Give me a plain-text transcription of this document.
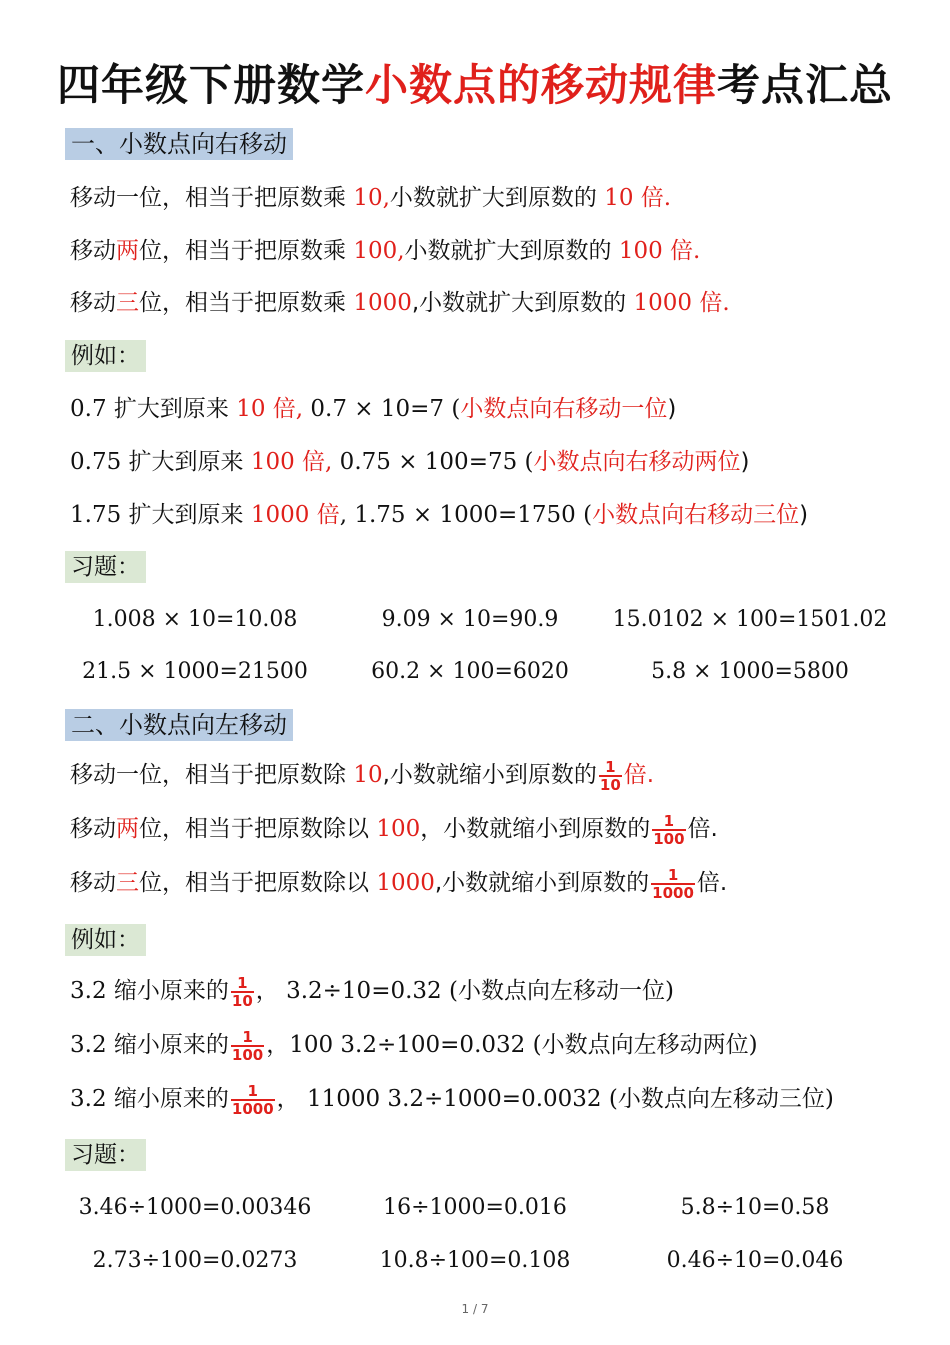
四年级下册数学小数点的移动规律考点汇总
一、小数点向右移动
移动一位，相当于把原数乘 10,小数就扩大到原数的 10 倍.
移动两位，相当于把原数乘 100,小数就扩大到原数的 100 倍.
移动三位，相当于把原数乘 1000,小数就扩大到原数的 1000 倍.
例如：
0.7 扩大到原来 10 倍, 0.7 × 10=7 (小数点向右移动一位)
0.75 扩大到原来 100 倍, 0.75 × 100=75 (小数点向右移动两位)
1.75 扩大到原来 1000 倍, 1.75 × 1000=1750 (小数点向右移动三位)
习题：
1.008 × 10=10.08	9.09 × 10=90.9	15.0102 × 100=1501.02
21.5 × 1000=21500	60.2 × 100=6020	5.8 × 1000=5800
二、小数点向左移动
移动一位，相当于把原数除 10,小数就缩小到原数的 $\frac{1}{10}$ 倍.
移动两位，相当于把原数除以 100，小数就缩小到原数的 $\frac{1}{100}$ 倍.
移动三位，相当于把原数除以 1000,小数就缩小到原数的 $\frac{1}{1000}$ 倍.
例如：
3.2 缩小原来的 $\frac{1}{10}$ ， 3.2÷10=0.32 (小数点向左移动一位)
3.2 缩小原来的 $\frac{1}{100}$ ，100 3.2÷100=0.032 (小数点向左移动两位)
3.2 缩小原来的 $\frac{1}{1000}$ ， 11000 3.2÷1000=0.0032 (小数点向左移动三位)
习题：
3.46÷1000=0.00346	16÷1000=0.016	5.8÷10=0.58
2.73÷100=0.0273	10.8÷100=0.108	0.46÷10=0.046
1 / 7
